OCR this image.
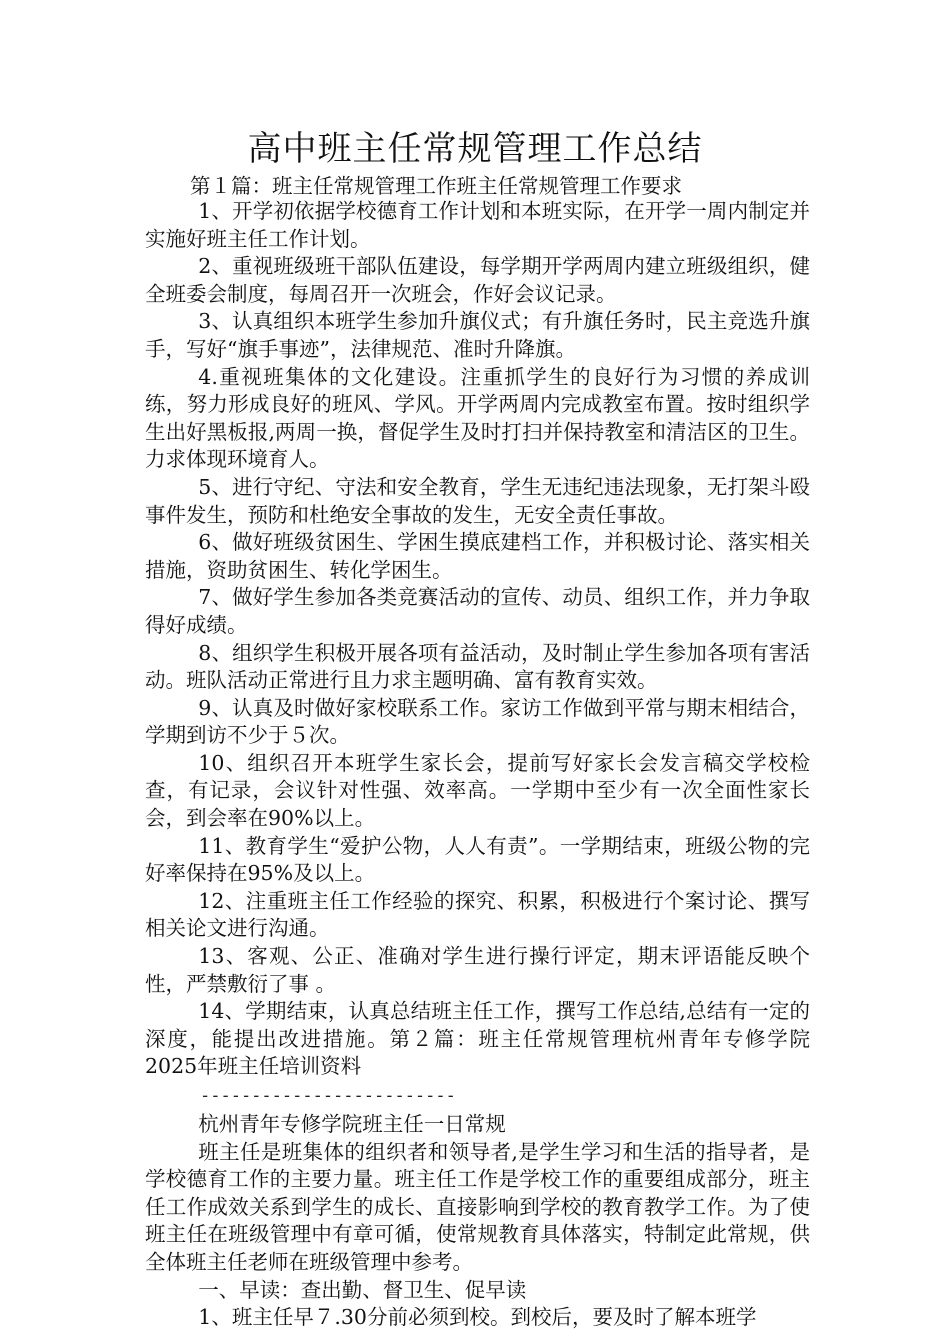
高中班主任常规管理工作总结
第１篇：班主任常规管理工作班主任常规管理工作要求

1、开学初依据学校德育工作计划和本班实际，在开学一周内制定并实施好班主任工作计划。

2、重视班级班干部队伍建设，每学期开学两周内建立班级组织，健全班委会制度，每周召开一次班会，作好会议记录。

3、认真组织本班学生参加升旗仪式；有升旗任务时，民主竞选升旗手，写好“旗手事迹”，法律规范、准时升降旗。

4.重视班集体的文化建设。注重抓学生的良好行为习惯的养成训练，努力形成良好的班风、学风。开学两周内完成教室布置。按时组织学生出好黑板报,两周一换，督促学生及时打扫并保持教室和清洁区的卫生。力求体现环境育人。

5、进行守纪、守法和安全教育，学生无违纪违法现象，无打架斗殴事件发生，预防和杜绝安全事故的发生，无安全责任事故。

6、做好班级贫困生、学困生摸底建档工作，并积极讨论、落实相关措施，资助贫困生、转化学困生。

7、做好学生参加各类竞赛活动的宣传、动员、组织工作，并力争取得好成绩。

8、组织学生积极开展各项有益活动，及时制止学生参加各项有害活动。班队活动正常进行且力求主题明确、富有教育实效。

9、认真及时做好家校联系工作。家访工作做到平常与期末相结合，学期到访不少于５次。

10、组织召开本班学生家长会，提前写好家长会发言稿交学校检查，有记录，会议针对性强、效率高。一学期中至少有一次全面性家长会，到会率在90%以上。

11、教育学生“爱护公物，人人有责”。一学期结束，班级公物的完好率保持在95%及以上。

12、注重班主任工作经验的探究、积累，积极进行个案讨论、撰写相关论文进行沟通。

13、客观、公正、准确对学生进行操行评定，期末评语能反映个性，严禁敷衍了事 。

14、学期结束，认真总结班主任工作，撰写工作总结,总结有一定的深度，能提出改进措施。第２篇：班主任常规管理杭州青年专修学院2025年班主任培训资料

-------------------------

杭州青年专修学院班主任一日常规

班主任是班集体的组织者和领导者,是学生学习和生活的指导者，是学校德育工作的主要力量。班主任工作是学校工作的重要组成部分，班主任工作成效关系到学生的成长、直接影响到学校的教育教学工作。为了使班主任在班级管理中有章可循，使常规教育具体落实，特制定此常规，供全体班主任老师在班级管理中参考。

一、早读：查出勤、督卫生、促早读

1、班主任早７.30分前必须到校。到校后，要及时了解本班学
